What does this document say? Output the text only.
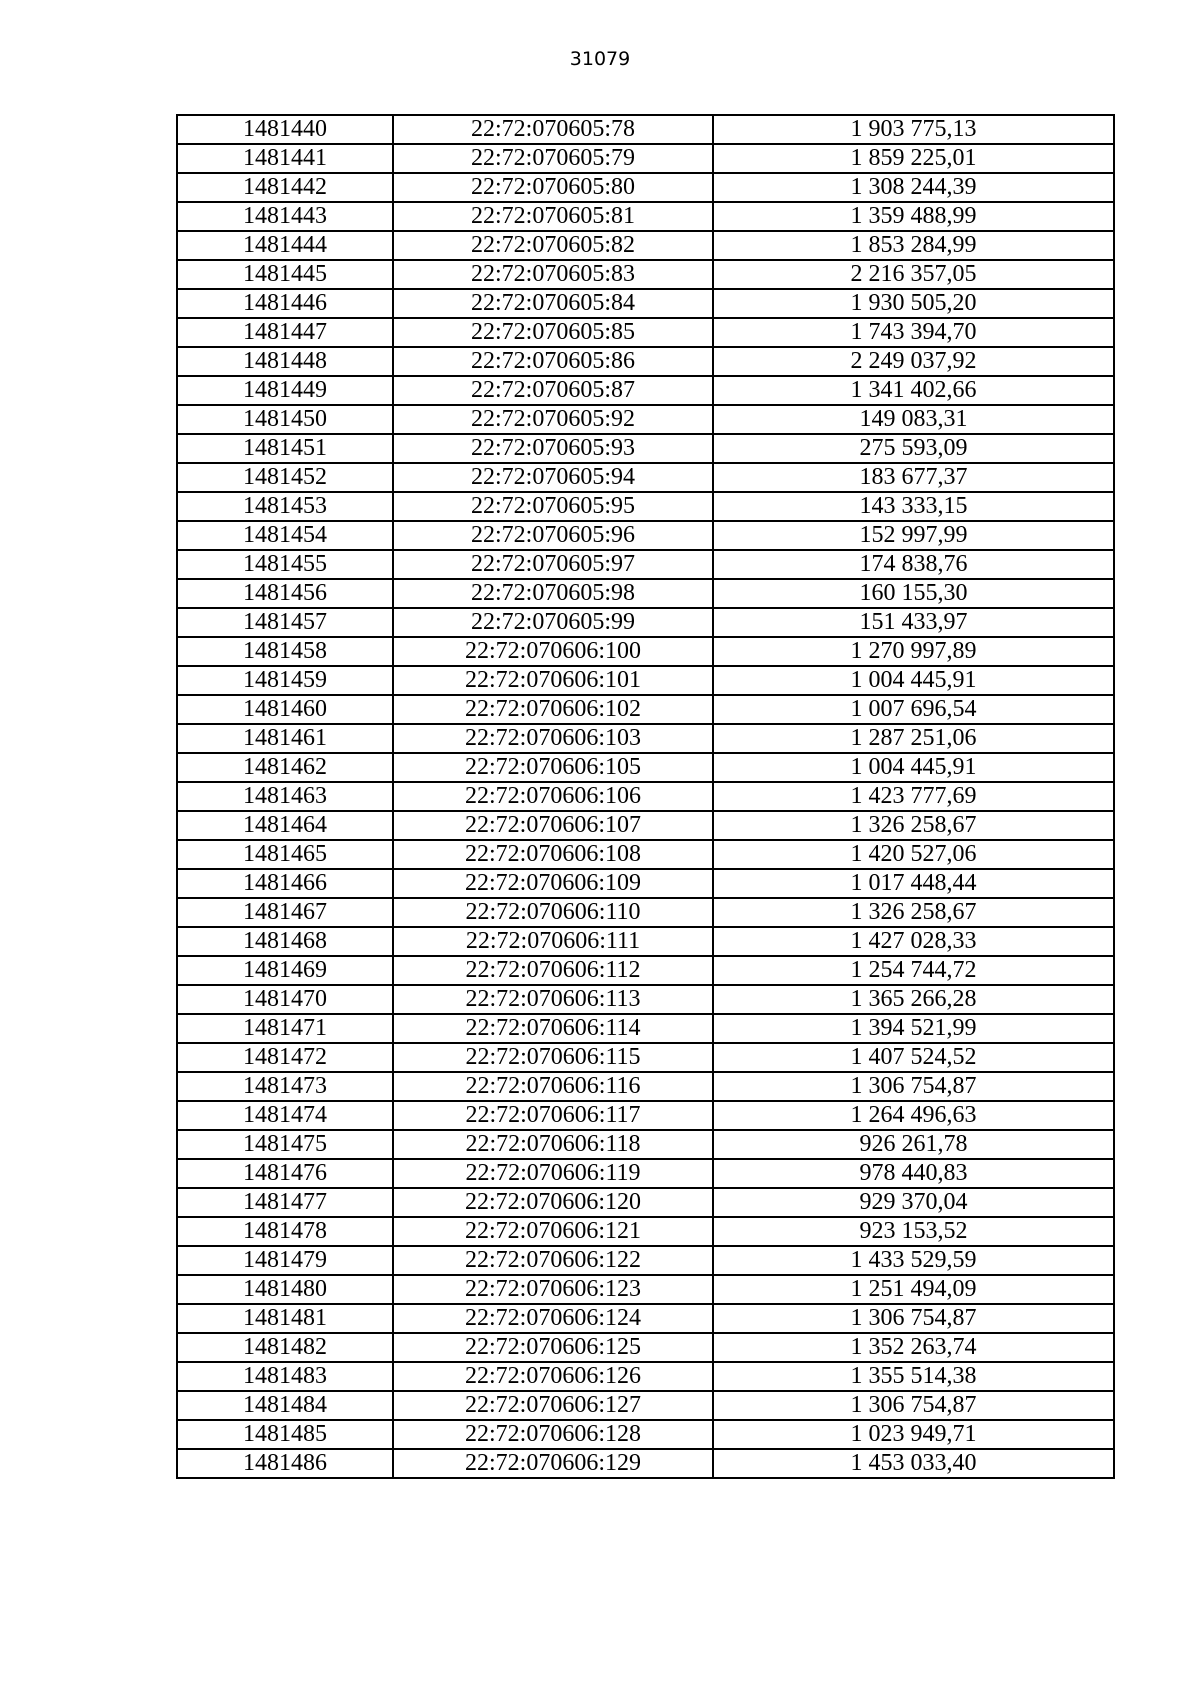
31079
1481440	22:72:070605:78	1 903 775,13
1481441	22:72:070605:79	1 859 225,01
1481442	22:72:070605:80	1 308 244,39
1481443	22:72:070605:81	1 359 488,99
1481444	22:72:070605:82	1 853 284,99
1481445	22:72:070605:83	2 216 357,05
1481446	22:72:070605:84	1 930 505,20
1481447	22:72:070605:85	1 743 394,70
1481448	22:72:070605:86	2 249 037,92
1481449	22:72:070605:87	1 341 402,66
1481450	22:72:070605:92	149 083,31
1481451	22:72:070605:93	275 593,09
1481452	22:72:070605:94	183 677,37
1481453	22:72:070605:95	143 333,15
1481454	22:72:070605:96	152 997,99
1481455	22:72:070605:97	174 838,76
1481456	22:72:070605:98	160 155,30
1481457	22:72:070605:99	151 433,97
1481458	22:72:070606:100	1 270 997,89
1481459	22:72:070606:101	1 004 445,91
1481460	22:72:070606:102	1 007 696,54
1481461	22:72:070606:103	1 287 251,06
1481462	22:72:070606:105	1 004 445,91
1481463	22:72:070606:106	1 423 777,69
1481464	22:72:070606:107	1 326 258,67
1481465	22:72:070606:108	1 420 527,06
1481466	22:72:070606:109	1 017 448,44
1481467	22:72:070606:110	1 326 258,67
1481468	22:72:070606:111	1 427 028,33
1481469	22:72:070606:112	1 254 744,72
1481470	22:72:070606:113	1 365 266,28
1481471	22:72:070606:114	1 394 521,99
1481472	22:72:070606:115	1 407 524,52
1481473	22:72:070606:116	1 306 754,87
1481474	22:72:070606:117	1 264 496,63
1481475	22:72:070606:118	926 261,78
1481476	22:72:070606:119	978 440,83
1481477	22:72:070606:120	929 370,04
1481478	22:72:070606:121	923 153,52
1481479	22:72:070606:122	1 433 529,59
1481480	22:72:070606:123	1 251 494,09
1481481	22:72:070606:124	1 306 754,87
1481482	22:72:070606:125	1 352 263,74
1481483	22:72:070606:126	1 355 514,38
1481484	22:72:070606:127	1 306 754,87
1481485	22:72:070606:128	1 023 949,71
1481486	22:72:070606:129	1 453 033,40
